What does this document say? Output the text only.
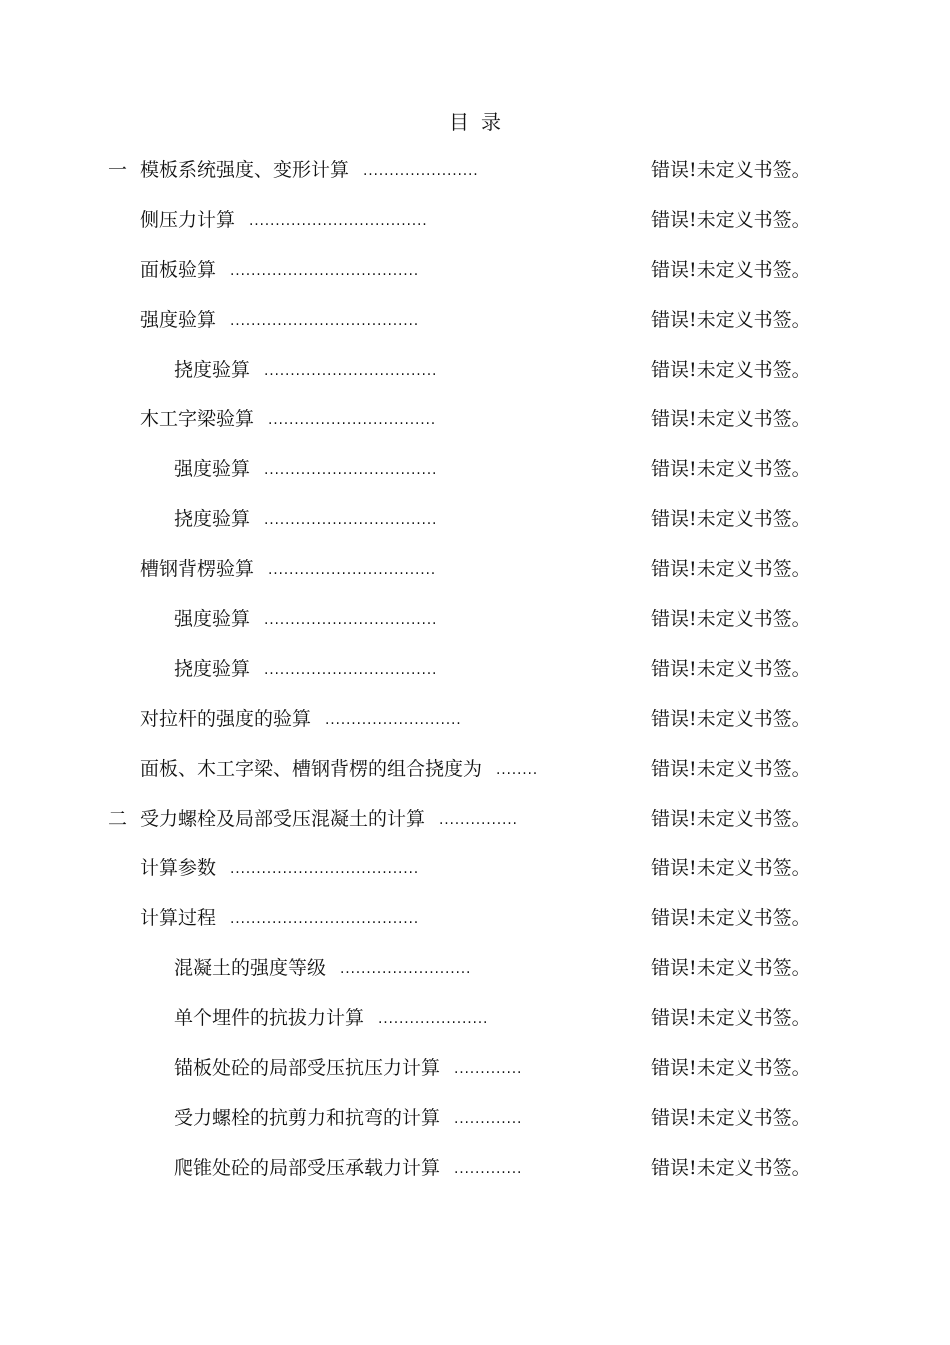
目 录
一 模板系统强度、变形计算 ......................	错误!未定义书签。
侧压力计算 ..................................	错误!未定义书签。
面板验算 ....................................	错误!未定义书签。
强度验算 ....................................	错误!未定义书签。
挠度验算 .................................	错误!未定义书签。
木工字梁验算 ................................	错误!未定义书签。
强度验算 .................................	错误!未定义书签。
挠度验算 .................................	错误!未定义书签。
槽钢背楞验算 ................................	错误!未定义书签。
强度验算 .................................	错误!未定义书签。
挠度验算 .................................	错误!未定义书签。
对拉杆的强度的验算 ..........................	错误!未定义书签。
面板、木工字梁、槽钢背楞的组合挠度为 ........	错误!未定义书签。
二 受力螺栓及局部受压混凝土的计算 ...............	错误!未定义书签。
计算参数 ....................................	错误!未定义书签。
计算过程 ....................................	错误!未定义书签。
混凝土的强度等级 .........................	错误!未定义书签。
单个埋件的抗拔力计算 .....................	错误!未定义书签。
锚板处砼的局部受压抗压力计算 .............	错误!未定义书签。
受力螺栓的抗剪力和抗弯的计算 .............	错误!未定义书签。
爬锥处砼的局部受压承载力计算 .............	错误!未定义书签。
